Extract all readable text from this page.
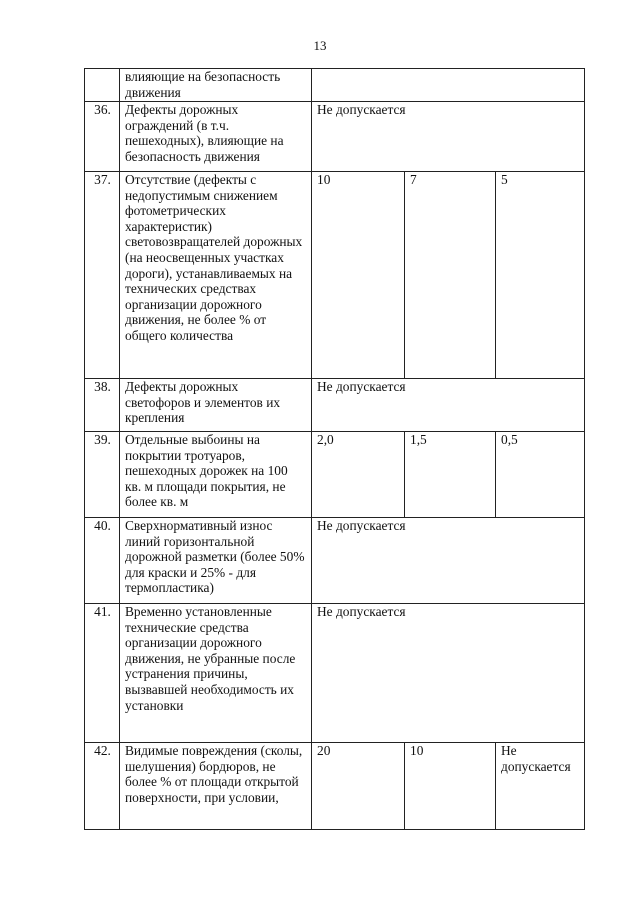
13
	влияющие на безопасность движения			
36.	Дефекты дорожных ограждений (в т.ч. пешеходных), влияющие на безопасность движения	Не допускается		
37.	Отсутствие (дефекты с недопустимым снижением фотометрических характеристик) световозвращателей дорожных (на неосвещенных участках дороги), устанавливаемых на технических средствах организации дорожного движения, не более % от общего количества	10	7	5
38.	Дефекты дорожных светофоров и элементов их крепления	Не допускается		
39.	Отдельные выбоины на покрытии тротуаров, пешеходных дорожек на 100 кв. м площади покрытия, не более кв. м	2,0	1,5	0,5
40.	Сверхнормативный износ линий горизонтальной дорожной разметки (более 50% для краски и 25% - для термопластика)	Не допускается		
41.	Временно установленные технические средства организации дорожного движения, не убранные после устранения причины, вызвавшей необходимость их установки	Не допускается		
42.	Видимые повреждения (сколы, шелушения) бордюров, не более % от площади открытой поверхности, при условии,	20	10	Не допускается
